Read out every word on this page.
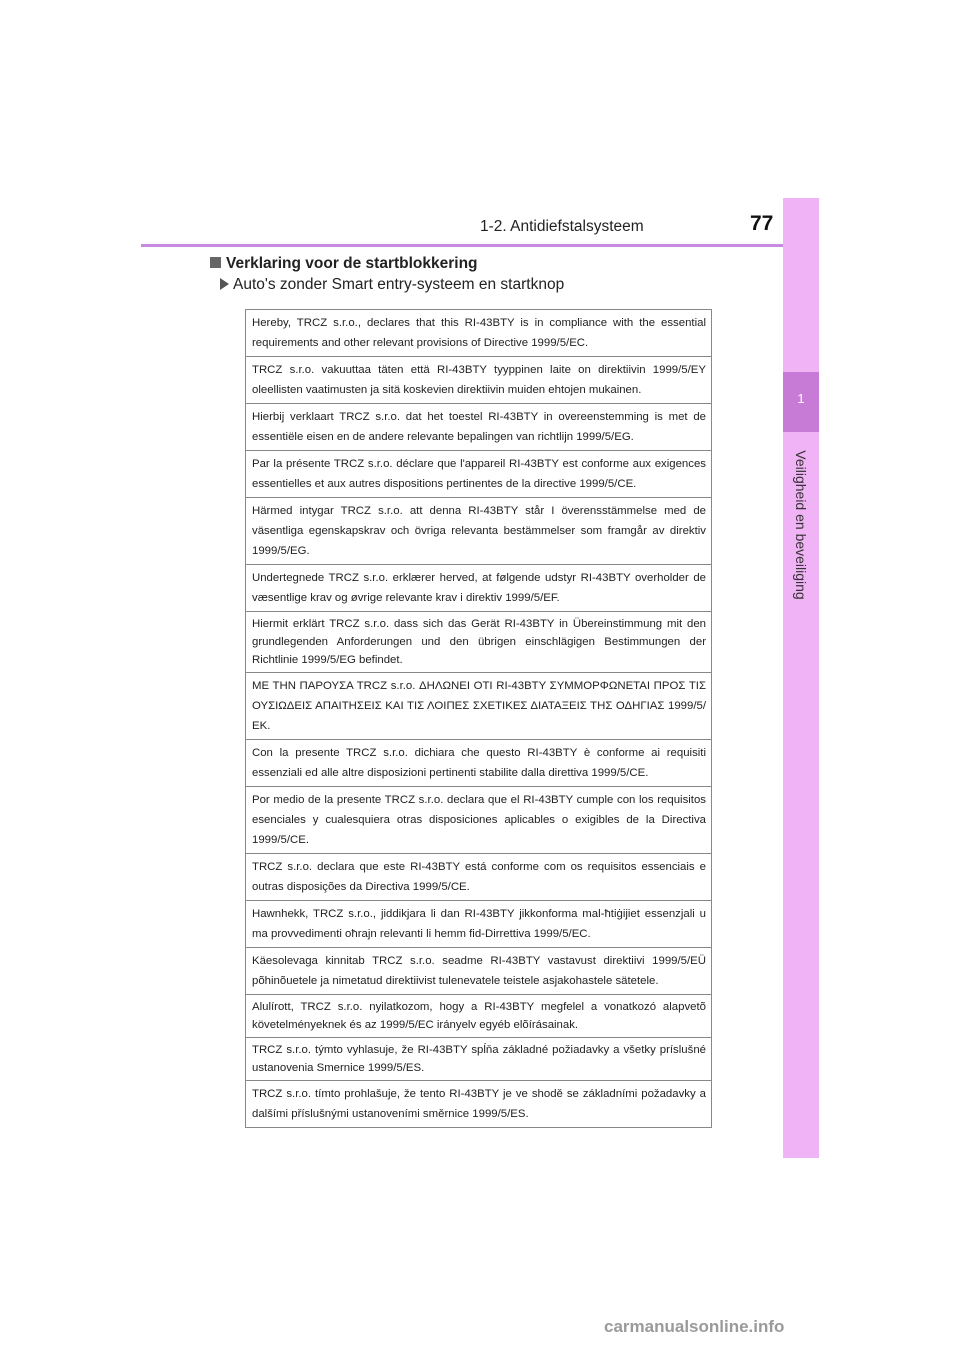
1-2. Antidiefstalsysteem	77
1
Veiligheid en beveiliging
Verklaring voor de startblokkering
Auto's zonder Smart entry-systeem en startknop
Hereby, TRCZ s.r.o., declares that this RI-43BTY is in compliance with the essential requirements and other relevant provisions of Directive 1999/5/EC.
TRCZ s.r.o. vakuuttaa täten että RI-43BTY tyyppinen laite on direktiivin 1999/5/EY oleellisten vaatimusten ja sitä koskevien direktiivin muiden ehtojen mukainen.
Hierbij verklaart TRCZ s.r.o. dat het toestel RI-43BTY in overeenstemming is met de essentiële eisen en de andere relevante bepalingen van richtlijn 1999/5/EG.
Par la présente TRCZ s.r.o. déclare que l'appareil RI-43BTY est conforme aux exigences essentielles et aux autres dispositions pertinentes de la directive 1999/5/CE.
Härmed intygar TRCZ s.r.o. att denna RI-43BTY står I överensstämmelse med de väsentliga egenskapskrav och övriga relevanta bestämmelser som framgår av direktiv 1999/5/EG.
Undertegnede TRCZ s.r.o. erklærer herved, at følgende udstyr RI-43BTY overholder de væsentlige krav og øvrige relevante krav i direktiv 1999/5/EF.
Hiermit erklärt TRCZ s.r.o. dass sich das Gerät RI-43BTY in Übereinstimmung mit den grundlegenden Anforderungen und den übrigen einschlägigen Bestimmungen der Richtlinie 1999/5/EG befindet.
ΜΕ ΤΗΝ ΠΑΡΟΥΣΑ TRCZ s.r.o. ΔΗΛΩΝΕΙ ΟΤΙ RI-43BTY ΣΥΜΜΟΡΦΩΝΕΤΑΙ ΠΡΟΣ ΤΙΣ ΟΥΣΙΩΔΕΙΣ ΑΠΑΙΤΗΣΕΙΣ ΚΑΙ ΤΙΣ ΛΟΙΠΕΣ ΣΧΕΤΙΚΕΣ ΔΙΑΤΑΞΕΙΣ ΤΗΣ ΟΔΗΓΙΑΣ 1999/5/ΕΚ.
Con la presente TRCZ s.r.o. dichiara che questo RI-43BTY è conforme ai requisiti essenziali ed alle altre disposizioni pertinenti stabilite dalla direttiva 1999/5/CE.
Por medio de la presente TRCZ s.r.o. declara que el RI-43BTY cumple con los requisitos esenciales y cualesquiera otras disposiciones aplicables o exigibles de la Directiva 1999/5/CE.
TRCZ s.r.o. declara que este RI-43BTY está conforme com os requisitos essenciais e outras disposições da Directiva 1999/5/CE.
Hawnhekk, TRCZ s.r.o., jiddikjara li dan RI-43BTY jikkonforma mal-ħtiġijiet essenzjali u ma provvedimenti oħrajn relevanti li hemm fid-Dirrettiva 1999/5/EC.
Käesolevaga kinnitab TRCZ s.r.o. seadme RI-43BTY vastavust direktiivi 1999/5/EÜ põhinõuetele ja nimetatud direktiivist tulenevatele teistele asjakohastele sätetele.
Alulírott, TRCZ s.r.o. nyilatkozom, hogy a RI-43BTY megfelel a vonatkozó alapvetõ követelményeknek és az 1999/5/EC irányelv egyéb elõírásainak.
TRCZ s.r.o. týmto vyhlasuje, že RI-43BTY spĺňa základné požiadavky a všetky príslušné ustanovenia Smernice 1999/5/ES.
TRCZ s.r.o. tímto prohlašuje, že tento RI-43BTY je ve shodě se základními požadavky a dalšími příslušnými ustanoveními směrnice 1999/5/ES.
carmanualsonline.info
